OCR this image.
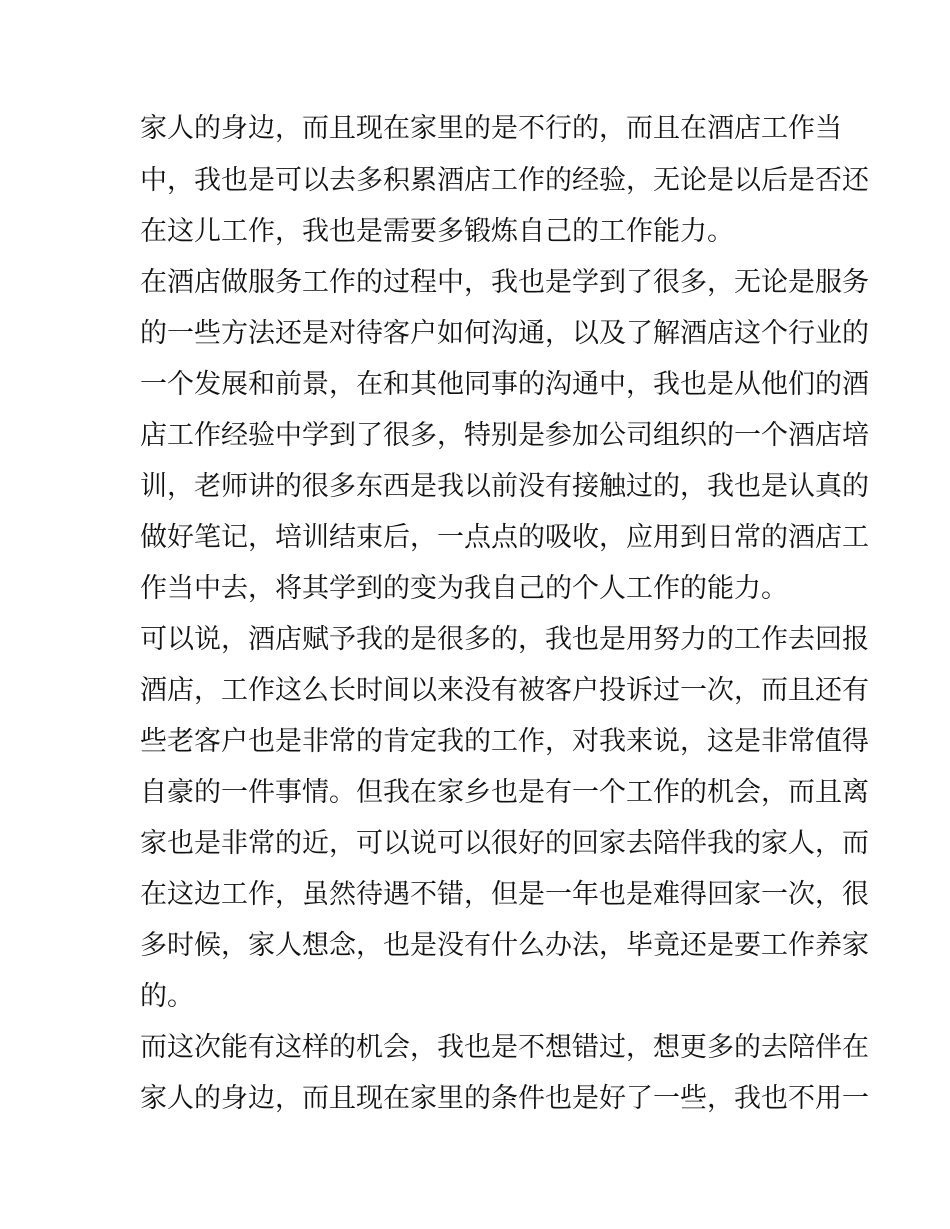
家人的身边，而且现在家里的是不行的，而且在酒店工作当
中，我也是可以去多积累酒店工作的经验，无论是以后是否还
在这儿工作，我也是需要多锻炼自己的工作能力。
在酒店做服务工作的过程中，我也是学到了很多，无论是服务
的一些方法还是对待客户如何沟通，以及了解酒店这个行业的
一个发展和前景，在和其他同事的沟通中，我也是从他们的酒
店工作经验中学到了很多，特别是参加公司组织的一个酒店培
训，老师讲的很多东西是我以前没有接触过的，我也是认真的
做好笔记，培训结束后，一点点的吸收，应用到日常的酒店工
作当中去，将其学到的变为我自己的个人工作的能力。
可以说，酒店赋予我的是很多的，我也是用努力的工作去回报
酒店，工作这么长时间以来没有被客户投诉过一次，而且还有
些老客户也是非常的肯定我的工作，对我来说，这是非常值得
自豪的一件事情。但我在家乡也是有一个工作的机会，而且离
家也是非常的近，可以说可以很好的回家去陪伴我的家人，而
在这边工作，虽然待遇不错，但是一年也是难得回家一次，很
多时候，家人想念，也是没有什么办法，毕竟还是要工作养家
的。
而这次能有这样的机会，我也是不想错过，想更多的去陪伴在
家人的身边，而且现在家里的条件也是好了一些，我也不用一
